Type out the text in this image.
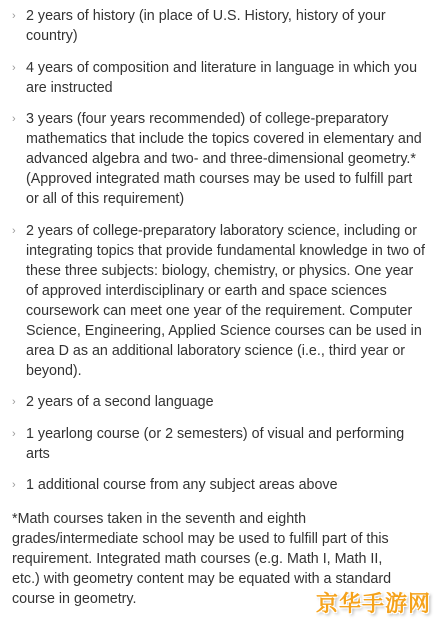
› 2 years of history (in place of U.S. History, history of your country)
› 4 years of composition and literature in language in which you are instructed
› 3 years (four years recommended) of college-preparatory mathematics that include the topics covered in elementary and advanced algebra and two- and three-dimensional geometry.* (Approved integrated math courses may be used to fulfill part or all of this requirement)
› 2 years of college-preparatory laboratory science, including or integrating topics that provide fundamental knowledge in two of these three subjects: biology, chemistry, or physics. One year of approved interdisciplinary or earth and space sciences coursework can meet one year of the requirement. Computer Science, Engineering, Applied Science courses can be used in area D as an additional laboratory science (i.e., third year or beyond).
› 2 years of a second language
› 1 yearlong course (or 2 semesters) of visual and performing arts
› 1 additional course from any subject areas above

*Math courses taken in the seventh and eighth grades/intermediate school may be used to fulfill part of this requirement. Integrated math courses (e.g. Math I, Math II, etc.) with geometry content may be equated with a standard course in geometry.	京华手游网
